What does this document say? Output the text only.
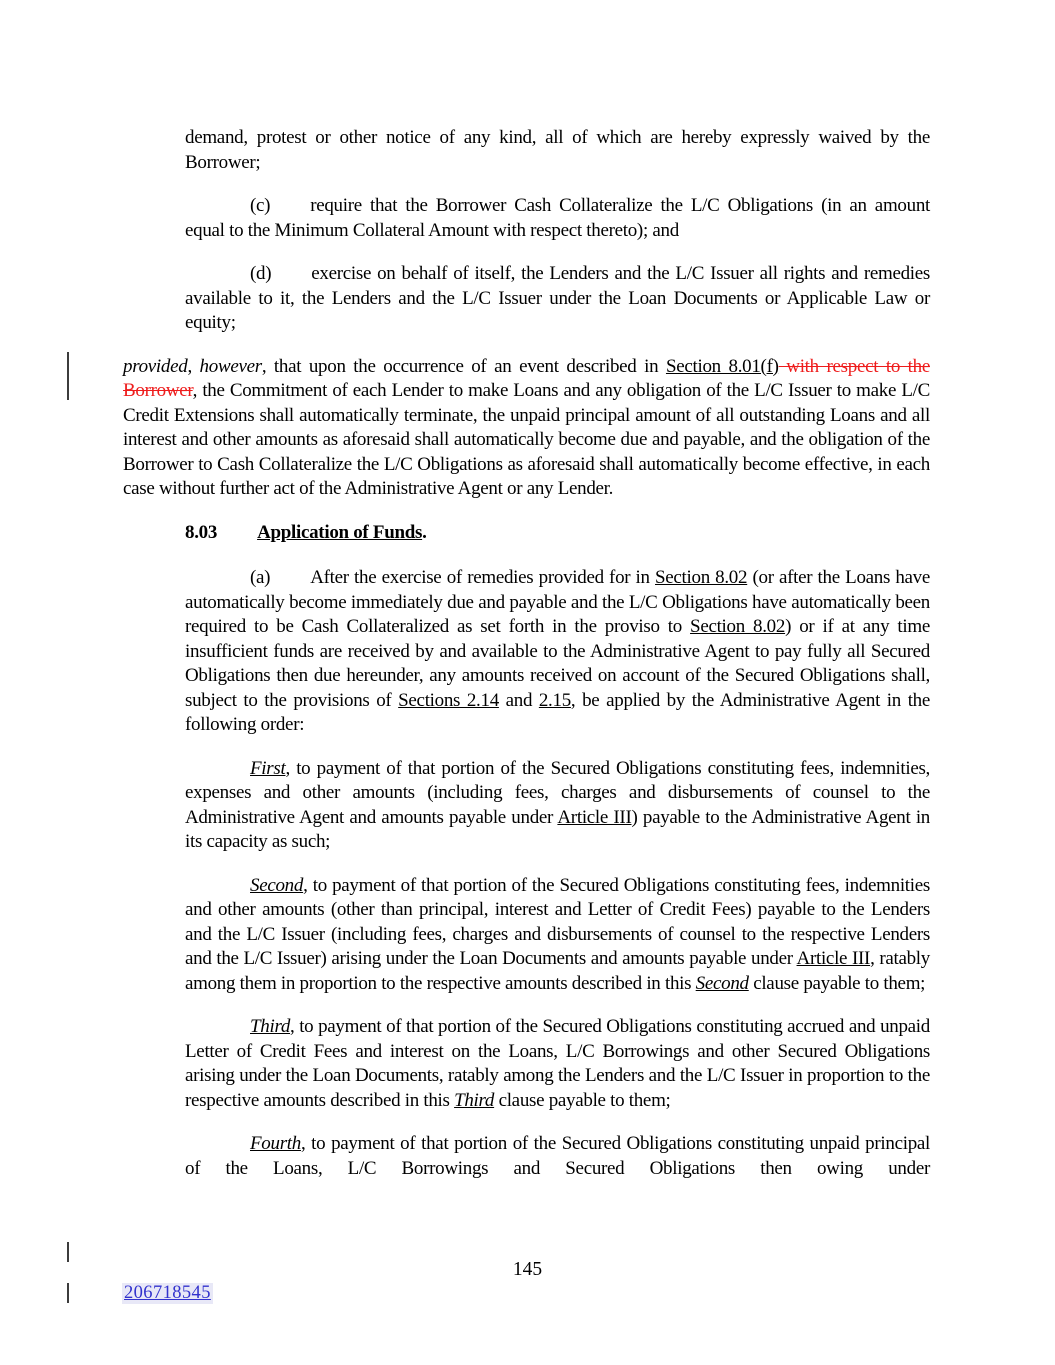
demand, protest or other notice of any kind, all of which are hereby expressly waived by the Borrower;

(c) require that the Borrower Cash Collateralize the L/C Obligations (in an amount equal to the Minimum Collateral Amount with respect thereto); and

(d) exercise on behalf of itself, the Lenders and the L/C Issuer all rights and remedies available to it, the Lenders and the L/C Issuer under the Loan Documents or Applicable Law or equity;

provided, however, that upon the occurrence of an event described in Section 8.01(f) with respect to the Borrower, the Commitment of each Lender to make Loans and any obligation of the L/C Issuer to make L/C Credit Extensions shall automatically terminate, the unpaid principal amount of all outstanding Loans and all interest and other amounts as aforesaid shall automatically become due and payable, and the obligation of the Borrower to Cash Collateralize the L/C Obligations as aforesaid shall automatically become effective, in each case without further act of the Administrative Agent or any Lender.

8.03 Application of Funds.

(a) After the exercise of remedies provided for in Section 8.02 (or after the Loans have automatically become immediately due and payable and the L/C Obligations have automatically been required to be Cash Collateralized as set forth in the proviso to Section 8.02) or if at any time insufficient funds are received by and available to the Administrative Agent to pay fully all Secured Obligations then due hereunder, any amounts received on account of the Secured Obligations shall, subject to the provisions of Sections 2.14 and 2.15, be applied by the Administrative Agent in the following order:

First, to payment of that portion of the Secured Obligations constituting fees, indemnities, expenses and other amounts (including fees, charges and disbursements of counsel to the Administrative Agent and amounts payable under Article III) payable to the Administrative Agent in its capacity as such;

Second, to payment of that portion of the Secured Obligations constituting fees, indemnities and other amounts (other than principal, interest and Letter of Credit Fees) payable to the Lenders and the L/C Issuer (including fees, charges and disbursements of counsel to the respective Lenders and the L/C Issuer) arising under the Loan Documents and amounts payable under Article III, ratably among them in proportion to the respective amounts described in this Second clause payable to them;

Third, to payment of that portion of the Secured Obligations constituting accrued and unpaid Letter of Credit Fees and interest on the Loans, L/C Borrowings and other Secured Obligations arising under the Loan Documents, ratably among the Lenders and the L/C Issuer in proportion to the respective amounts described in this Third clause payable to them;

Fourth, to payment of that portion of the Secured Obligations constituting unpaid principal of the Loans, L/C Borrowings and Secured Obligations then owing under

145
206718545
